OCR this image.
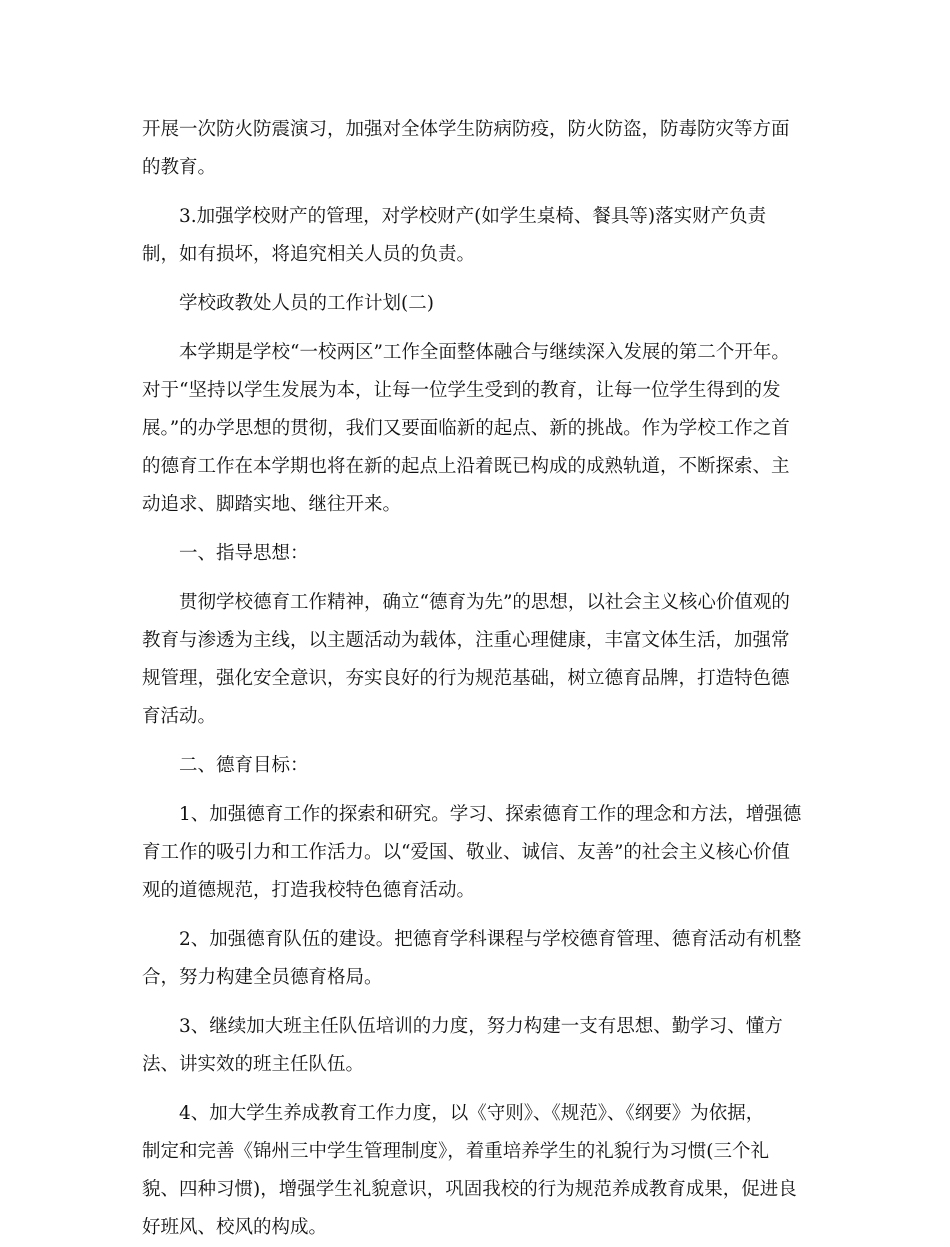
开展一次防火防震演习，加强对全体学生防病防疫，防火防盗，防毒防灾等方面
的教育。
3.加强学校财产的管理，对学校财产(如学生桌椅、餐具等)落实财产负责
制，如有损坏，将追究相关人员的负责。
学校政教处人员的工作计划(二)
本学期是学校“一校两区”工作全面整体融合与继续深入发展的第二个开年。
对于“坚持以学生发展为本，让每一位学生受到的教育，让每一位学生得到的发
展。”的办学思想的贯彻，我们又要面临新的起点、新的挑战。作为学校工作之首
的德育工作在本学期也将在新的起点上沿着既已构成的成熟轨道，不断探索、主
动追求、脚踏实地、继往开来。
一、指导思想：
贯彻学校德育工作精神，确立“德育为先”的思想，以社会主义核心价值观的
教育与渗透为主线，以主题活动为载体，注重心理健康，丰富文体生活，加强常
规管理，强化安全意识，夯实良好的行为规范基础，树立德育品牌，打造特色德
育活动。
二、德育目标：
1、加强德育工作的探索和研究。学习、探索德育工作的理念和方法，增强德
育工作的吸引力和工作活力。以“爱国、敬业、诚信、友善”的社会主义核心价值
观的道德规范，打造我校特色德育活动。
2、加强德育队伍的建设。把德育学科课程与学校德育管理、德育活动有机整
合，努力构建全员德育格局。
3、继续加大班主任队伍培训的力度，努力构建一支有思想、勤学习、懂方
法、讲实效的班主任队伍。
4、加大学生养成教育工作力度，以《守则》、《规范》、《纲要》为依据，
制定和完善《锦州三中学生管理制度》，着重培养学生的礼貌行为习惯(三个礼
貌、四种习惯)，增强学生礼貌意识，巩固我校的行为规范养成教育成果，促进良
好班风、校风的构成。
